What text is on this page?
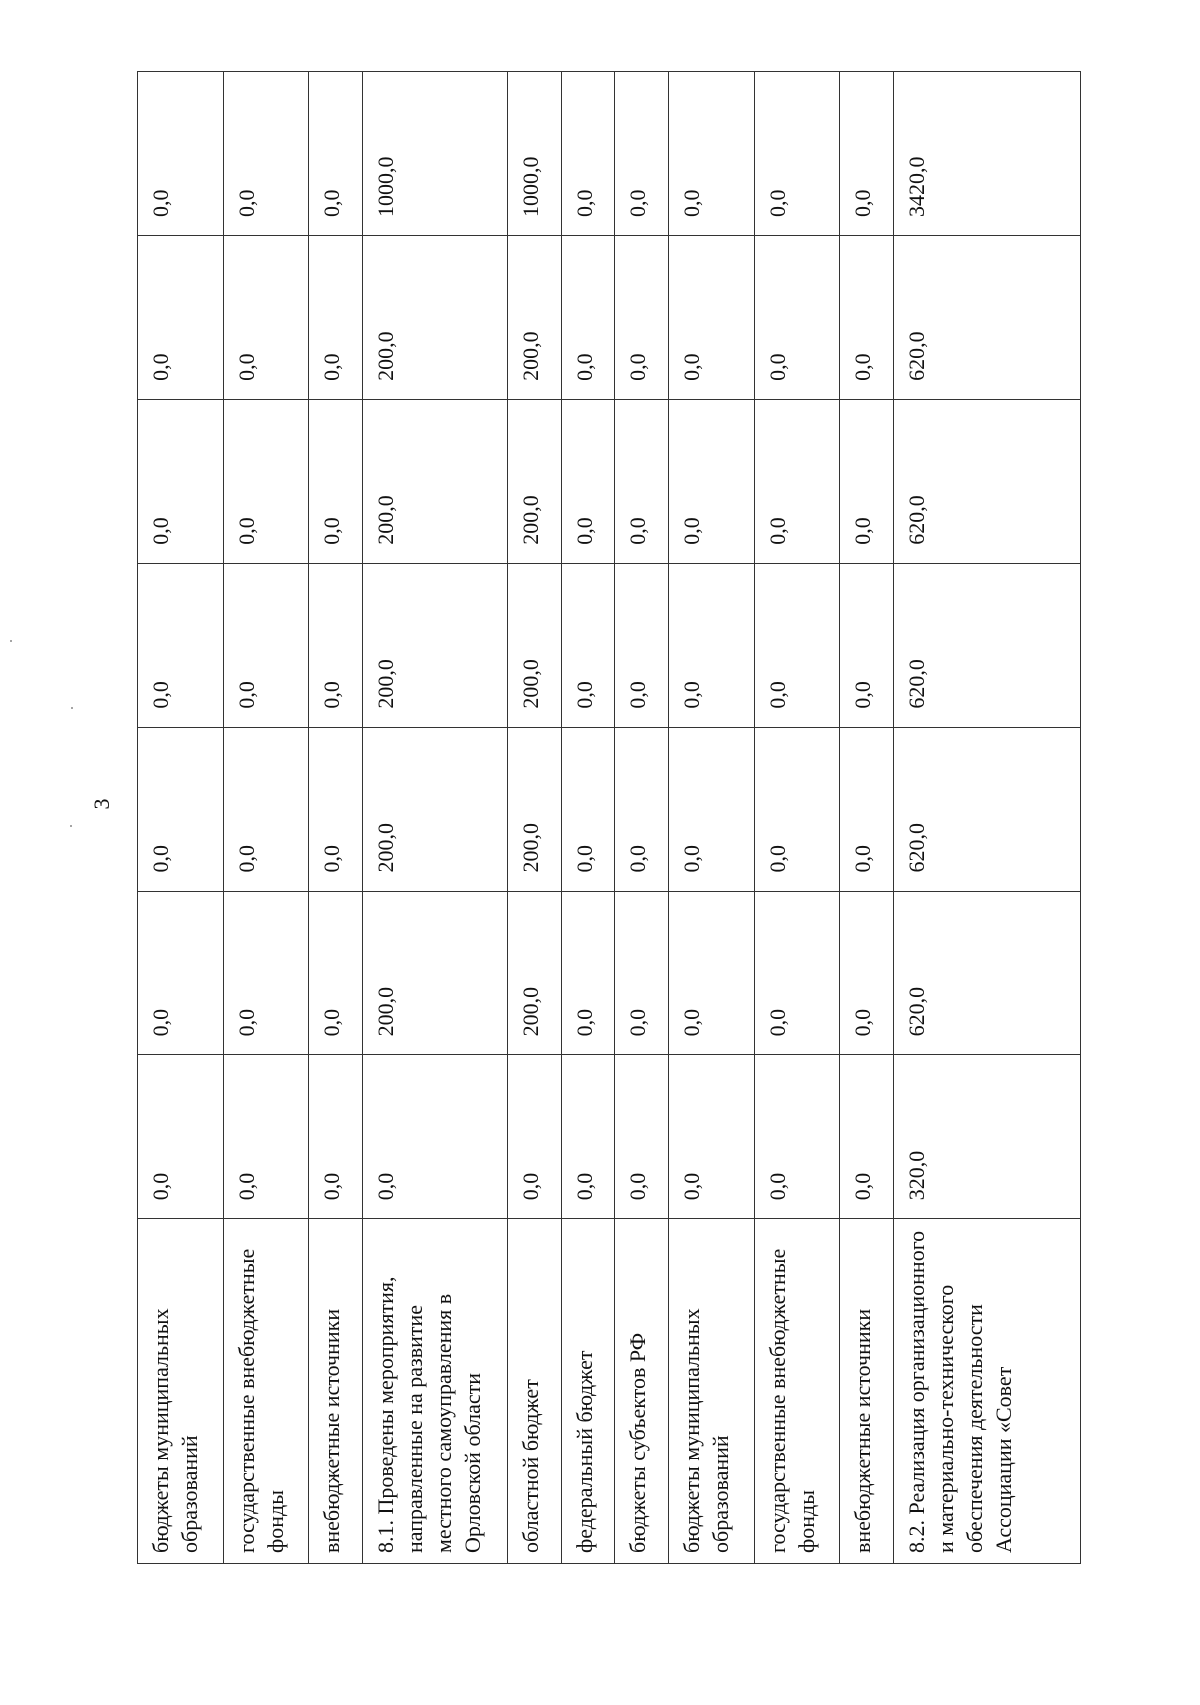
3
бюджеты муниципальных образований	0,0	0,0	0,0	0,0	0,0	0,0	0,0
государственные внебюджетные фонды	0,0	0,0	0,0	0,0	0,0	0,0	0,0
внебюджетные источники	0,0	0,0	0,0	0,0	0,0	0,0	0,0
8.1. Проведены мероприятия, направленные на развитие местного самоуправления в Орловской области	0,0	200,0	200,0	200,0	200,0	200,0	1000,0
областной бюджет	0,0	200,0	200,0	200,0	200,0	200,0	1000,0
федеральный бюджет	0,0	0,0	0,0	0,0	0,0	0,0	0,0
бюджеты субъектов РФ	0,0	0,0	0,0	0,0	0,0	0,0	0,0
бюджеты муниципальных образований	0,0	0,0	0,0	0,0	0,0	0,0	0,0
государственные внебюджетные фонды	0,0	0,0	0,0	0,0	0,0	0,0	0,0
внебюджетные источники	0,0	0,0	0,0	0,0	0,0	0,0	0,0
8.2. Реализация организационного и материально-технического обеспечения деятельности Ассоциации «Совет	320,0	620,0	620,0	620,0	620,0	620,0	3420,0
